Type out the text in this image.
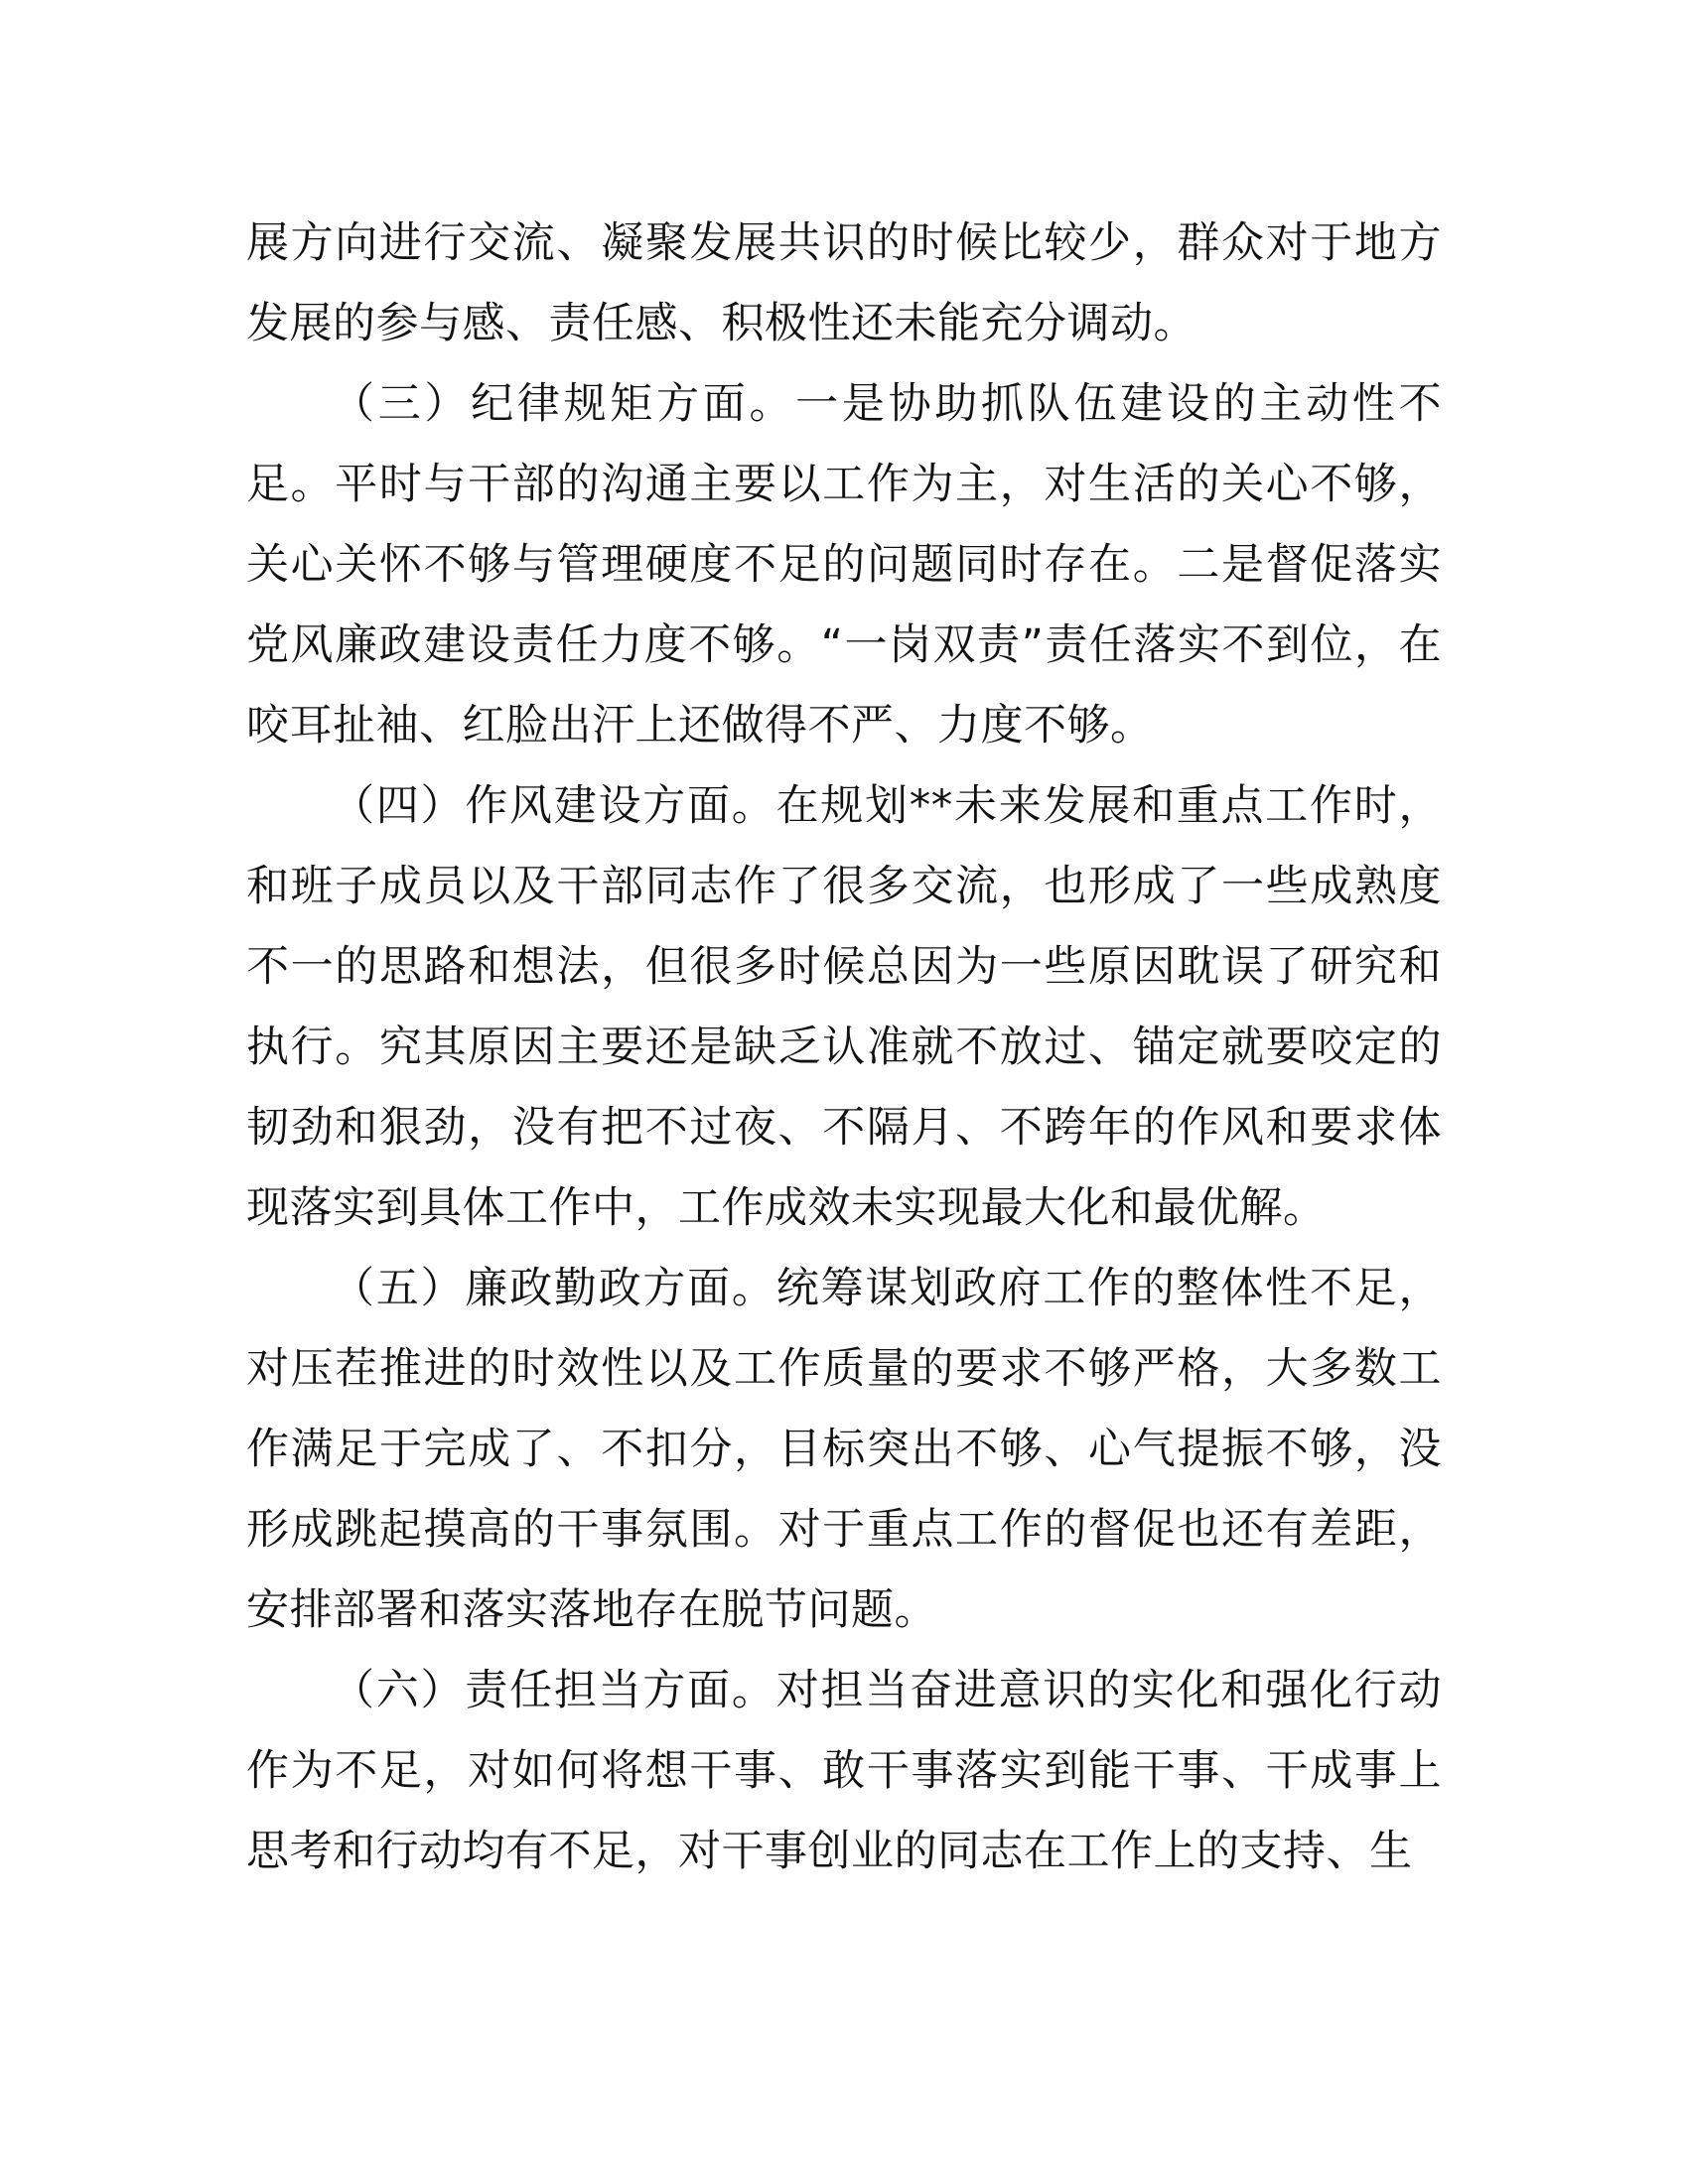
展方向进行交流、凝聚发展共识的时候比较少，群众对于地方发展的参与感、责任感、积极性还未能充分调动。

（三）纪律规矩方面。一是协助抓队伍建设的主动性不足。平时与干部的沟通主要以工作为主，对生活的关心不够，关心关怀不够与管理硬度不足的问题同时存在。二是督促落实党风廉政建设责任力度不够。“一岗双责”责任落实不到位，在咬耳扯袖、红脸出汗上还做得不严、力度不够。

（四）作风建设方面。在规划**未来发展和重点工作时，和班子成员以及干部同志作了很多交流，也形成了一些成熟度不一的思路和想法，但很多时候总因为一些原因耽误了研究和执行。究其原因主要还是缺乏认准就不放过、锚定就要咬定的韧劲和狠劲，没有把不过夜、不隔月、不跨年的作风和要求体现落实到具体工作中，工作成效未实现最大化和最优解。

（五）廉政勤政方面。统筹谋划政府工作的整体性不足，对压茬推进的时效性以及工作质量的要求不够严格，大多数工作满足于完成了、不扣分，目标突出不够、心气提振不够，没形成跳起摸高的干事氛围。对于重点工作的督促也还有差距，安排部署和落实落地存在脱节问题。

（六）责任担当方面。对担当奋进意识的实化和强化行动作为不足，对如何将想干事、敢干事落实到能干事、干成事上思考和行动均有不足，对干事创业的同志在工作上的支持、生
